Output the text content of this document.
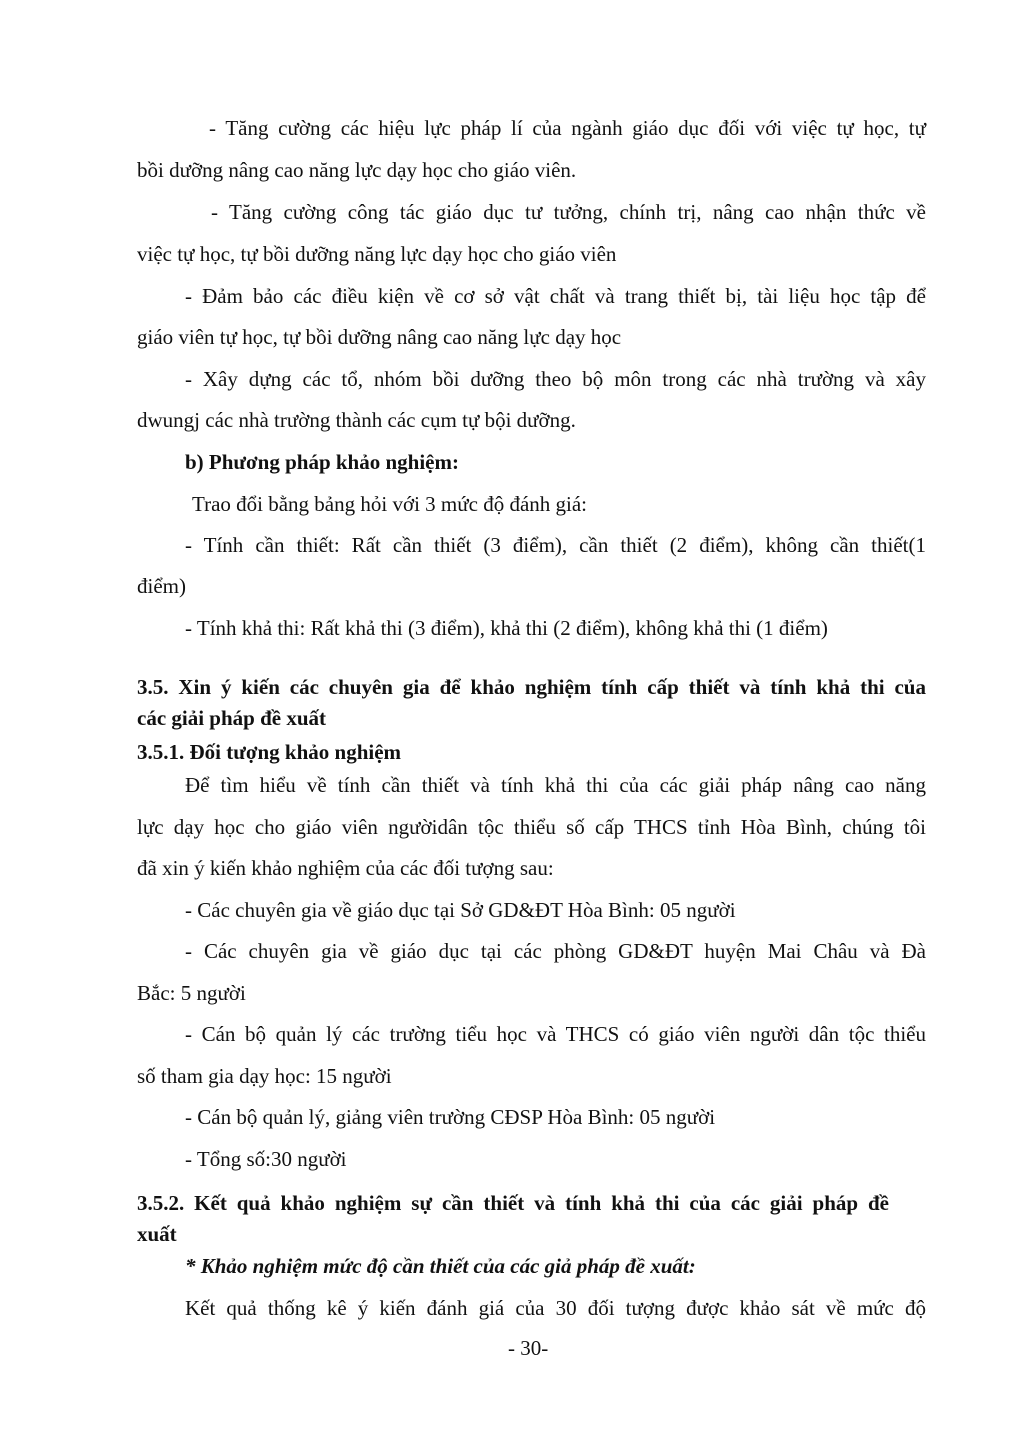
- Tăng cường các hiệu lực pháp lí của ngành giáo dục đối với việc tự học, tự
bồi dưỡng nâng cao năng lực dạy học cho giáo viên.
- Tăng cường công tác giáo dục tư tưởng, chính trị, nâng cao nhận thức về
việc tự học, tự bồi dưỡng năng lực dạy học cho giáo viên
- Đảm bảo các điều kiện về cơ sở vật chất và trang thiết bị, tài liệu học tập để
giáo viên tự học, tự bồi dưỡng nâng cao năng lực dạy học
- Xây dựng các tổ, nhóm bồi dưỡng theo bộ môn trong các nhà trường và xây
dwungj các nhà trường thành các cụm tự bội dưỡng.
b) Phương pháp khảo nghiệm:
Trao đổi bằng bảng hỏi với 3 mức độ đánh giá:
- Tính cần thiết: Rất cần thiết (3 điểm), cần thiết (2 điểm), không cần thiết(1
điểm)
- Tính khả thi: Rất khả thi (3 điểm), khả thi (2 điểm), không khả thi (1 điểm)
3.5. Xin ý kiến các chuyên gia để khảo nghiệm tính cấp thiết và tính khả thi của
các giải pháp đề xuất
3.5.1. Đối tượng khảo nghiệm
Để tìm hiểu về tính cần thiết và tính khả thi của các giải pháp nâng cao năng
lực dạy học cho giáo viên ngườidân tộc thiểu số cấp THCS tỉnh Hòa Bình, chúng tôi
đã xin ý kiến khảo nghiệm của các đối tượng sau:
- Các chuyên gia về giáo dục tại Sở GD&ĐT Hòa Bình: 05 người
- Các chuyên gia về giáo dục tại các phòng GD&ĐT huyện Mai Châu và Đà
Bắc: 5 người
- Cán bộ quản lý các trường tiểu học và THCS có giáo viên người dân tộc thiểu
số tham gia dạy học: 15 người
- Cán bộ quản lý, giảng viên trường CĐSP Hòa Bình: 05 người
- Tổng số:30 người
3.5.2. Kết quả khảo nghiệm sự cần thiết và tính khả thi của các giải pháp đề
xuất
* Khảo nghiệm mức độ cần thiết của các giả pháp đề xuất:
Kết quả thống kê ý kiến đánh giá của 30 đối tượng được khảo sát về mức độ
- 30-
